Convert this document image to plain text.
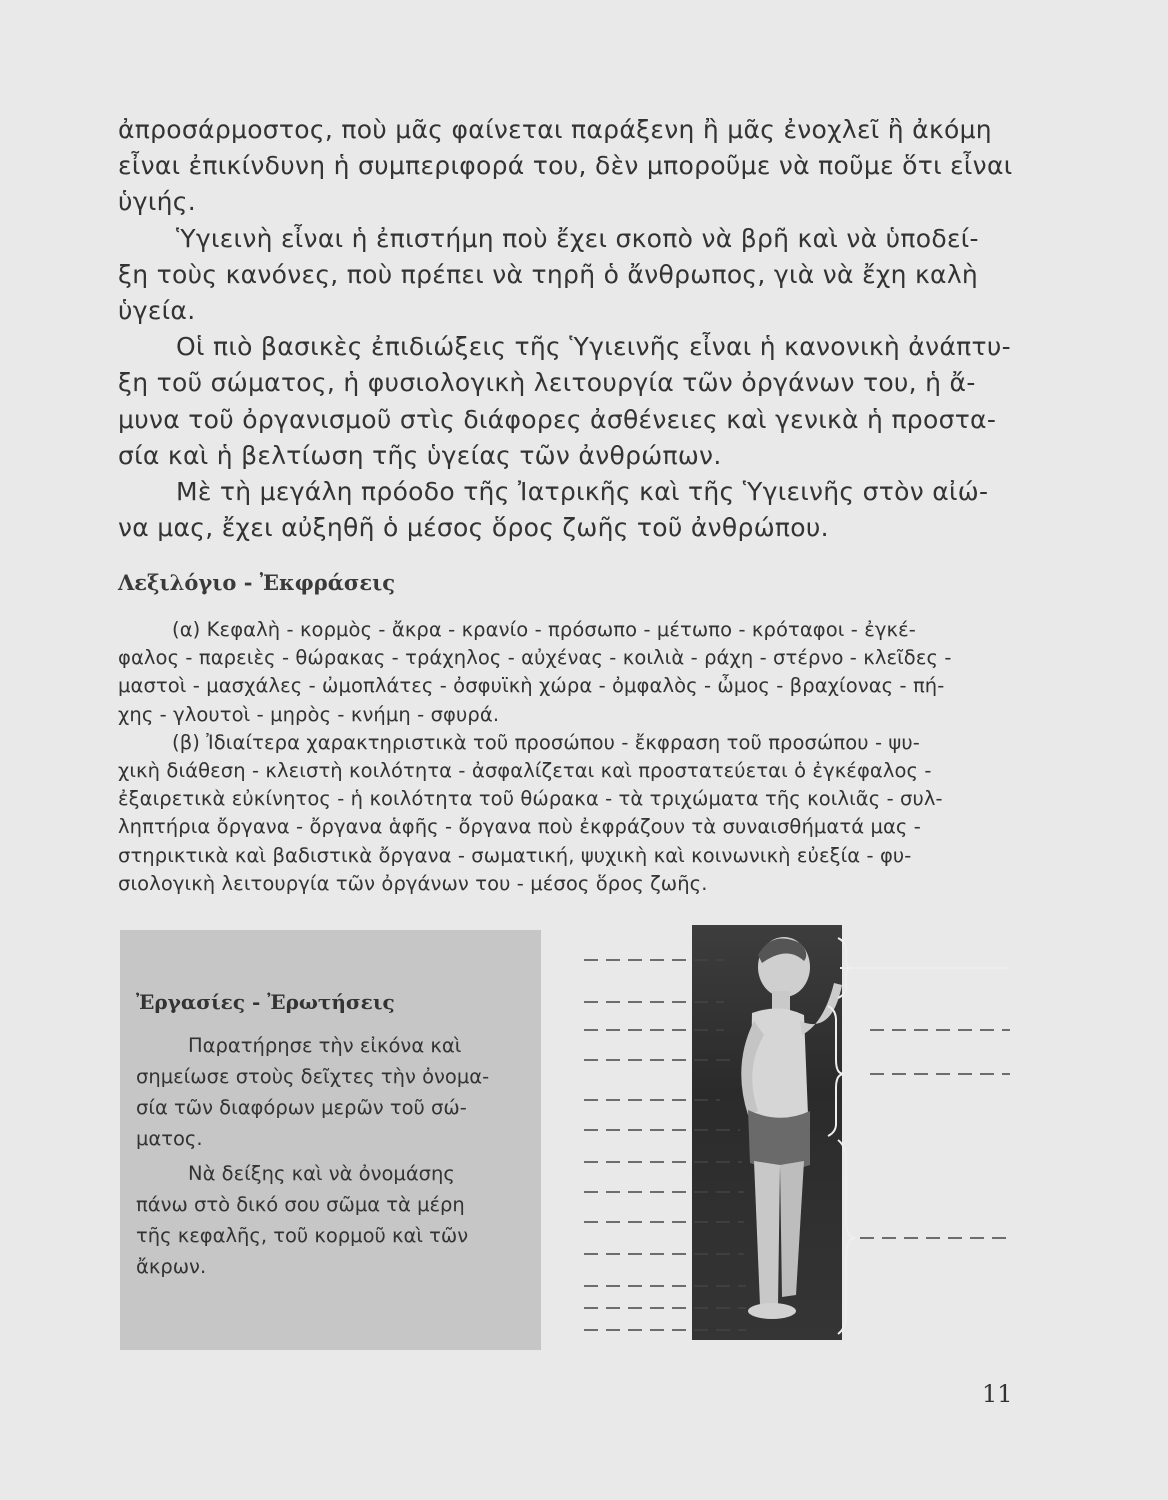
ἀπροσάρμοστος, ποὺ μᾶς φαίνεται παράξενη ἢ μᾶς ἐνοχλεῖ ἢ ἀκόμη
εἶναι ἐπικίνδυνη ἡ συμπεριφορά του, δὲν μποροῦμε νὰ ποῦμε ὅτι εἶναι
ὑγιής.
Ὑγιεινὴ εἶναι ἡ ἐπιστήμη ποὺ ἔχει σκοπὸ νὰ βρῆ καὶ νὰ ὑποδεί-
ξη τοὺς κανόνες, ποὺ πρέπει νὰ τηρῆ ὁ ἄνθρωπος, γιὰ νὰ ἔχη καλὴ
ὑγεία.
Οἱ πιὸ βασικὲς ἐπιδιώξεις τῆς Ὑγιεινῆς εἶναι ἡ κανονικὴ ἀνάπτυ-
ξη τοῦ σώματος, ἡ φυσιολογικὴ λειτουργία τῶν ὀργάνων του, ἡ ἄ-
μυνα τοῦ ὀργανισμοῦ στὶς διάφορες ἀσθένειες καὶ γενικὰ ἡ προστα-
σία καὶ ἡ βελτίωση τῆς ὑγείας τῶν ἀνθρώπων.
Μὲ τὴ μεγάλη πρόοδο τῆς Ἰατρικῆς καὶ τῆς Ὑγιεινῆς στὸν αἰώ-
να μας, ἔχει αὐξηθῆ ὁ μέσος ὅρος ζωῆς τοῦ ἀνθρώπου.
Λεξιλόγιο - Ἐκφράσεις
(α) Κεφαλὴ - κορμὸς - ἄκρα - κρανίο - πρόσωπο - μέτωπο - κρόταφοι - ἐγκέ-
φαλος - παρειὲς - θώρακας - τράχηλος - αὐχένας - κοιλιὰ - ράχη - στέρνο - κλεῖδες -
μαστοὶ - μασχάλες - ὠμοπλάτες - ὀσφυϊκὴ χώρα - ὀμφαλὸς - ὦμος - βραχίονας - πή-
χης - γλουτοὶ - μηρὸς - κνήμη - σφυρά.
(β) Ἰδιαίτερα χαρακτηριστικὰ τοῦ προσώπου - ἔκφραση τοῦ προσώπου - ψυ-
χικὴ διάθεση - κλειστὴ κοιλότητα - ἀσφαλίζεται καὶ προστατεύεται ὁ ἐγκέφαλος -
ἐξαιρετικὰ εὐκίνητος - ἡ κοιλότητα τοῦ θώρακα - τὰ τριχώματα τῆς κοιλιᾶς - συλ-
ληπτήρια ὄργανα - ὄργανα ἁφῆς - ὄργανα ποὺ ἐκφράζουν τὰ συναισθήματά μας -
στηρικτικὰ καὶ βαδιστικὰ ὄργανα - σωματική, ψυχικὴ καὶ κοινωνικὴ εὐεξία - φυ-
σιολογικὴ λειτουργία τῶν ὀργάνων του - μέσος ὅρος ζωῆς.
Ἐργασίες - Ἐρωτήσεις
Παρατήρησε τὴν εἰκόνα καὶ
σημείωσε στοὺς δεῖχτες τὴν ὀνομα-
σία τῶν διαφόρων μερῶν τοῦ σώ-
ματος.
Νὰ δείξης καὶ νὰ ὀνομάσης
πάνω στὸ δικό σου σῶμα τὰ μέρη
τῆς κεφαλῆς, τοῦ κορμοῦ καὶ τῶν
ἄκρων.
11
